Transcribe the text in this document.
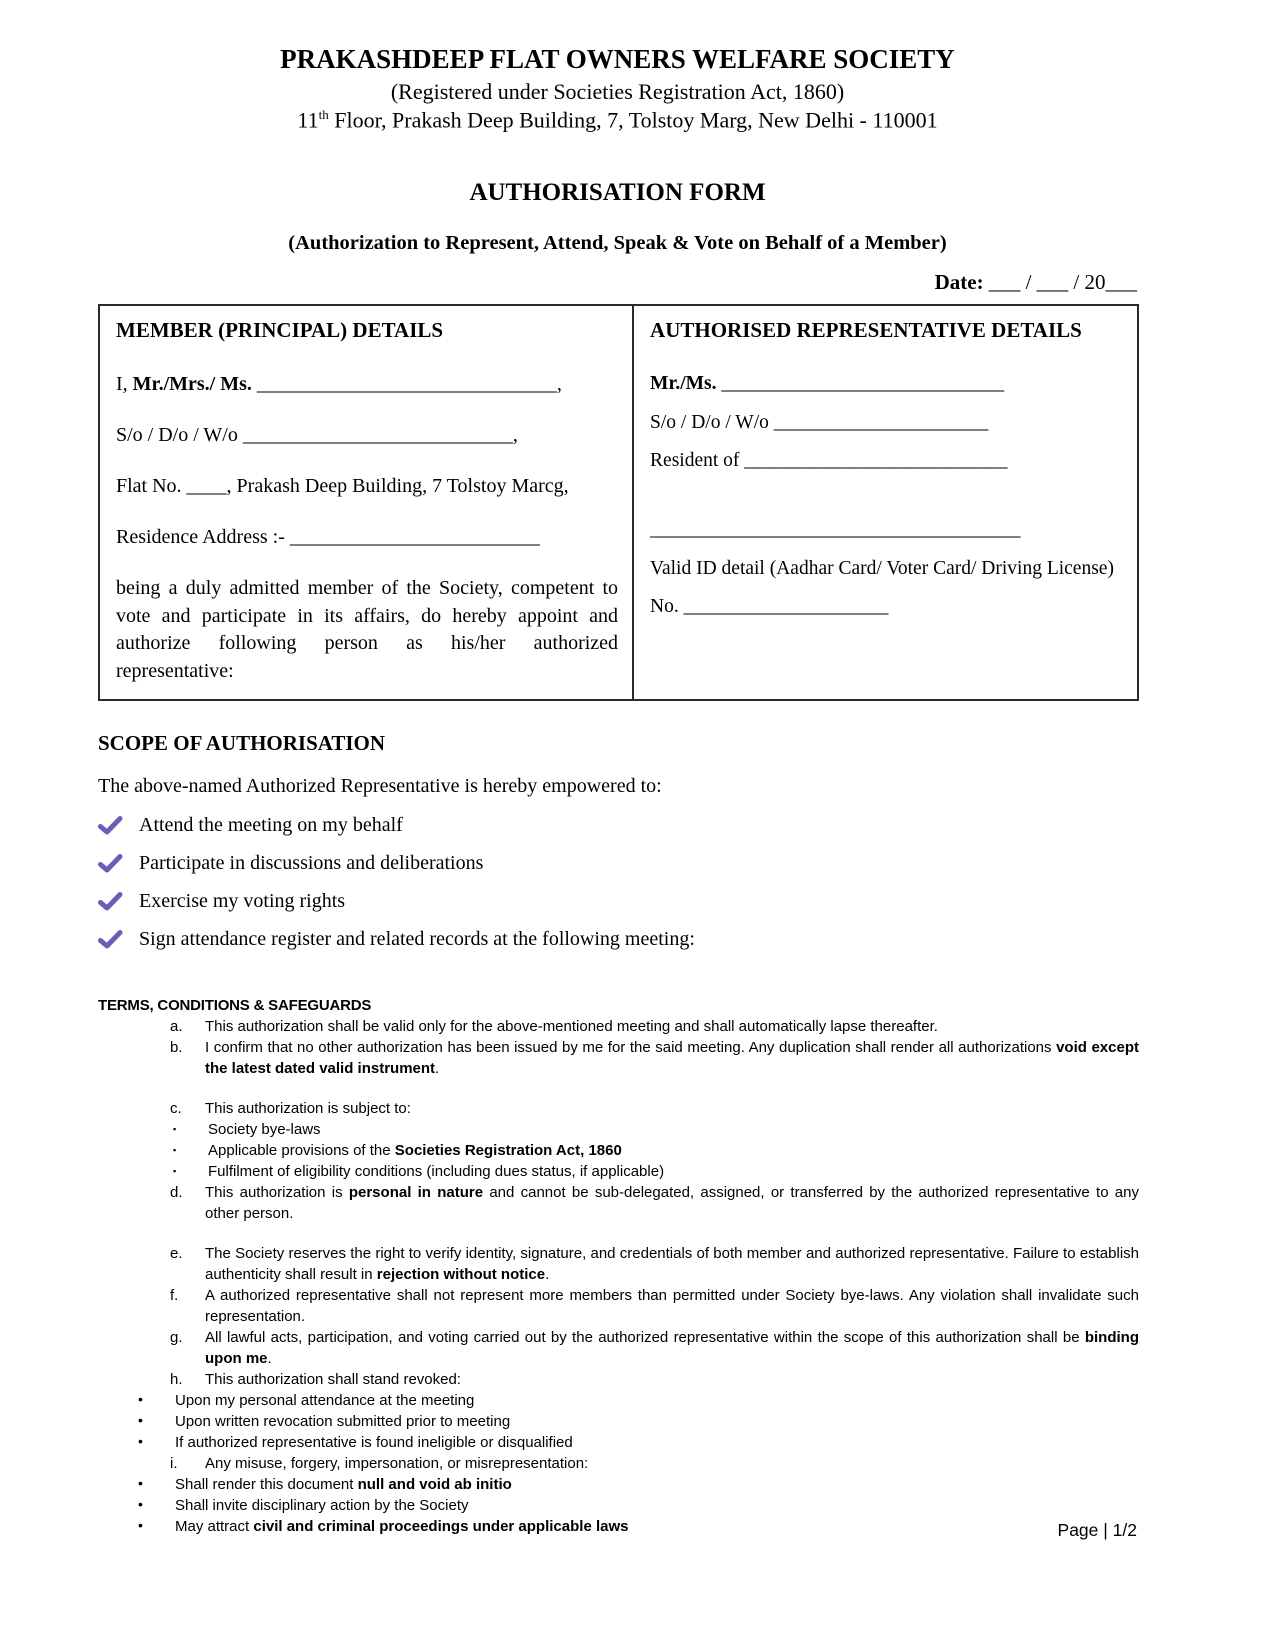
PRAKASHDEEP FLAT OWNERS WELFARE SOCIETY
(Registered under Societies Registration Act, 1860)
11th Floor, Prakash Deep Building, 7, Tolstoy Marg, New Delhi - 110001
AUTHORISATION FORM
(Authorization to Represent, Attend, Speak & Vote on Behalf of a Member)
Date: ___ / ___ / 20___
MEMBER (PRINCIPAL) DETAILS
I, Mr./Mrs./ Ms. ______________________________,
S/o / D/o / W/o ___________________________,
Flat No. ____, Prakash Deep Building, 7 Tolstoy Marcg,
Residence Address :- _________________________
being a duly admitted member of the Society, competent to vote and participate in its affairs, do hereby appoint and authorize following person as his/her authorized representative:
AUTHORISED REPRESENTATIVE DETAILS
Mr./Ms. _____________________________
S/o / D/o / W/o ______________________
Resident of ___________________________
______________________________________
Valid ID detail (Aadhar Card/ Voter Card/ Driving License)
No. _____________________
SCOPE OF AUTHORISATION
The above-named Authorized Representative is hereby empowered to:
Attend the meeting on my behalf
Participate in discussions and deliberations
Exercise my voting rights
Sign attendance register and related records at the following meeting:
TERMS, CONDITIONS & SAFEGUARDS
a.	This authorization shall be valid only for the above-mentioned meeting and shall automatically lapse thereafter.
b.	I confirm that no other authorization has been issued by me for the said meeting. Any duplication shall render all authorizations void except the latest dated valid instrument.
c.	This authorization is subject to:
▪	Society bye-laws
▪	Applicable provisions of the Societies Registration Act, 1860
▪	Fulfilment of eligibility conditions (including dues status, if applicable)
d.	This authorization is personal in nature and cannot be sub-delegated, assigned, or transferred by the authorized representative to any other person.
e.	The Society reserves the right to verify identity, signature, and credentials of both member and authorized representative. Failure to establish authenticity shall result in rejection without notice.
f.	A authorized representative shall not represent more members than permitted under Society bye-laws. Any violation shall invalidate such representation.
g.	All lawful acts, participation, and voting carried out by the authorized representative within the scope of this authorization shall be binding upon me.
h.	This authorization shall stand revoked:
•	Upon my personal attendance at the meeting
•	Upon written revocation submitted prior to meeting
•	If authorized representative is found ineligible or disqualified
i.	Any misuse, forgery, impersonation, or misrepresentation:
•	Shall render this document null and void ab initio
•	Shall invite disciplinary action by the Society
•	May attract civil and criminal proceedings under applicable laws	Page | 1/2
